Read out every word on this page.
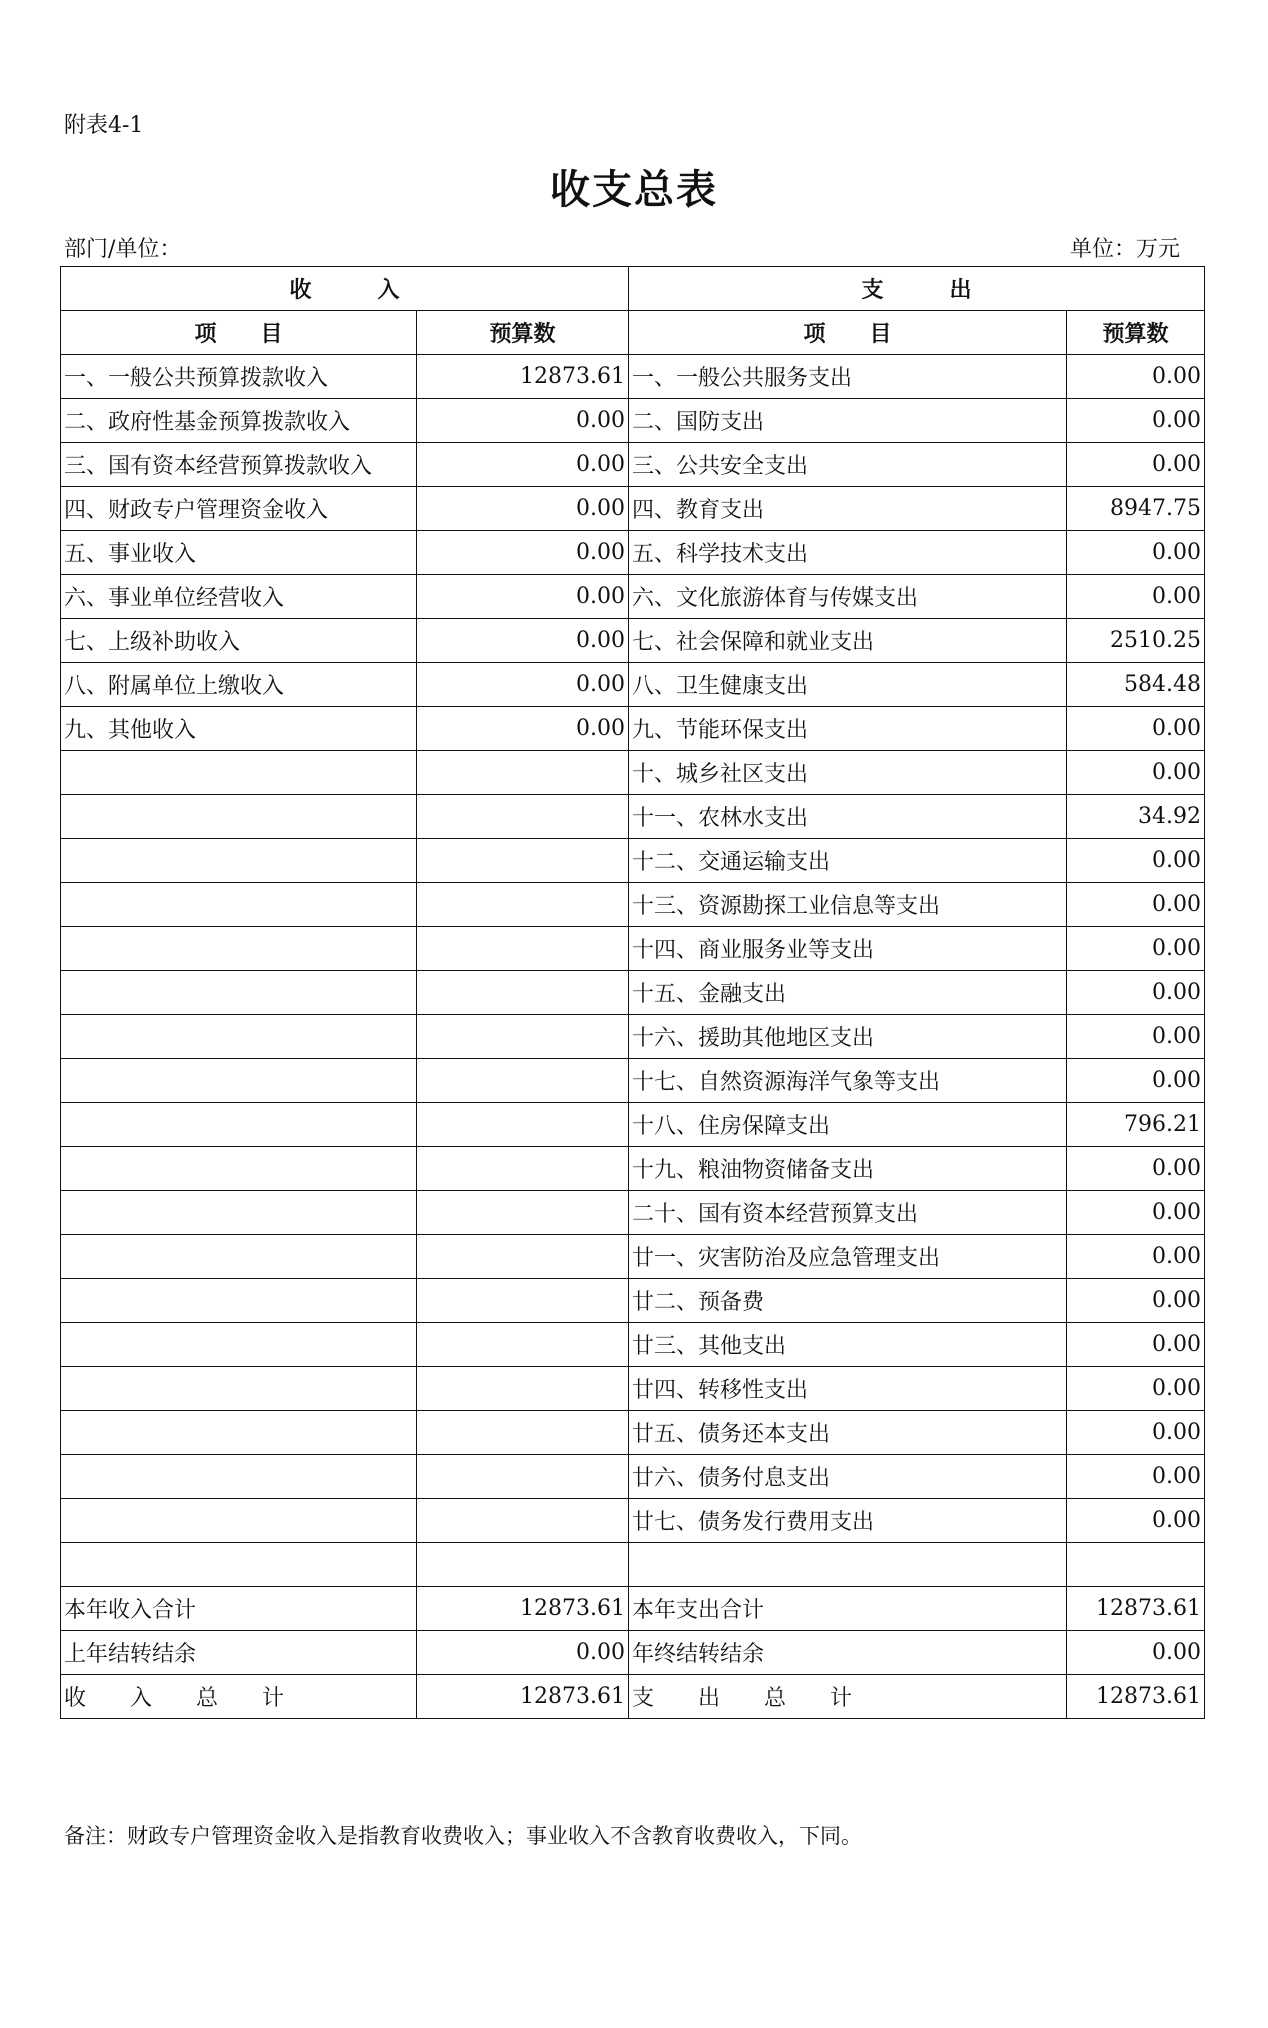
附表4-1
收支总表
部门/单位：	单位：万元
收　　　入		支　　　出	
项　　目	预算数	项　　目	预算数
一、一般公共预算拨款收入	12873.61	一、一般公共服务支出	0.00
二、政府性基金预算拨款收入	0.00	二、国防支出	0.00
三、国有资本经营预算拨款收入	0.00	三、公共安全支出	0.00
四、财政专户管理资金收入	0.00	四、教育支出	8947.75
五、事业收入	0.00	五、科学技术支出	0.00
六、事业单位经营收入	0.00	六、文化旅游体育与传媒支出	0.00
七、上级补助收入	0.00	七、社会保障和就业支出	2510.25
八、附属单位上缴收入	0.00	八、卫生健康支出	584.48
九、其他收入	0.00	九、节能环保支出	0.00
		十、城乡社区支出	0.00
		十一、农林水支出	34.92
		十二、交通运输支出	0.00
		十三、资源勘探工业信息等支出	0.00
		十四、商业服务业等支出	0.00
		十五、金融支出	0.00
		十六、援助其他地区支出	0.00
		十七、自然资源海洋气象等支出	0.00
		十八、住房保障支出	796.21
		十九、粮油物资储备支出	0.00
		二十、国有资本经营预算支出	0.00
		廿一、灾害防治及应急管理支出	0.00
		廿二、预备费	0.00
		廿三、其他支出	0.00
		廿四、转移性支出	0.00
		廿五、债务还本支出	0.00
		廿六、债务付息支出	0.00
		廿七、债务发行费用支出	0.00

本年收入合计	12873.61	本年支出合计	12873.61
上年结转结余	0.00	年终结转结余	0.00
收　　入　　总　　计	12873.61	支　　出　　总　　计	12873.61
备注：财政专户管理资金收入是指教育收费收入；事业收入不含教育收费收入，下同。
